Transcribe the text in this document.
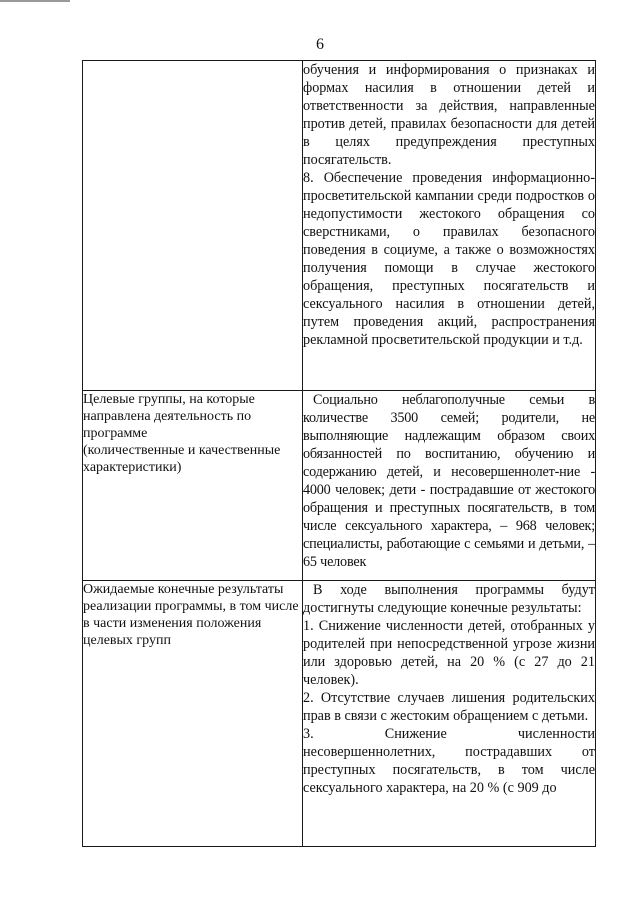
6

	обучения и информирования о признаках и формах насилия в отношении детей и ответственности за действия, направленные против детей, правилах безопасности для детей в целях предупреждения преступных посягательств.
8. Обеспечение проведения информационно-просветительской кампании среди подростков о недопустимости жестокого обращения со сверстниками, о правилах безопасного поведения в социуме, а также о возможностях получения помощи в случае жестокого обращения, преступных посягательств и сексуального насилия в отношении детей, путем проведения акций, распространения рекламной просветительской продукции и т.д.

Целевые группы, на которые направлена деятельность по программе
(количественные и качественные характеристики)	Социально неблагополучные семьи в количестве 3500 семей; родители, не выполняющие надлежащим образом своих обязанностей по воспитанию, обучению и содержанию детей, и несовершеннолет-ние - 4000 человек; дети - пострадавшие от жестокого обращения и преступных посягательств, в том числе сексуального характера, – 968 человек; специалисты, работающие с семьями и детьми, – 65 человек

Ожидаемые конечные результаты реализации программы, в том числе в части изменения положения целевых групп	В ходе выполнения программы будут достигнуты следующие конечные результаты:
1. Снижение численности детей, отобранных у родителей при непосредственной угрозе жизни или здоровью детей, на 20 % (с 27 до 21 человек).
2. Отсутствие случаев лишения родительских прав в связи с жестоким обращением с детьми.
3. Снижение численности несовершеннолетних, пострадавших от преступных посягательств, в том числе сексуального характера, на 20 % (с 909 до
